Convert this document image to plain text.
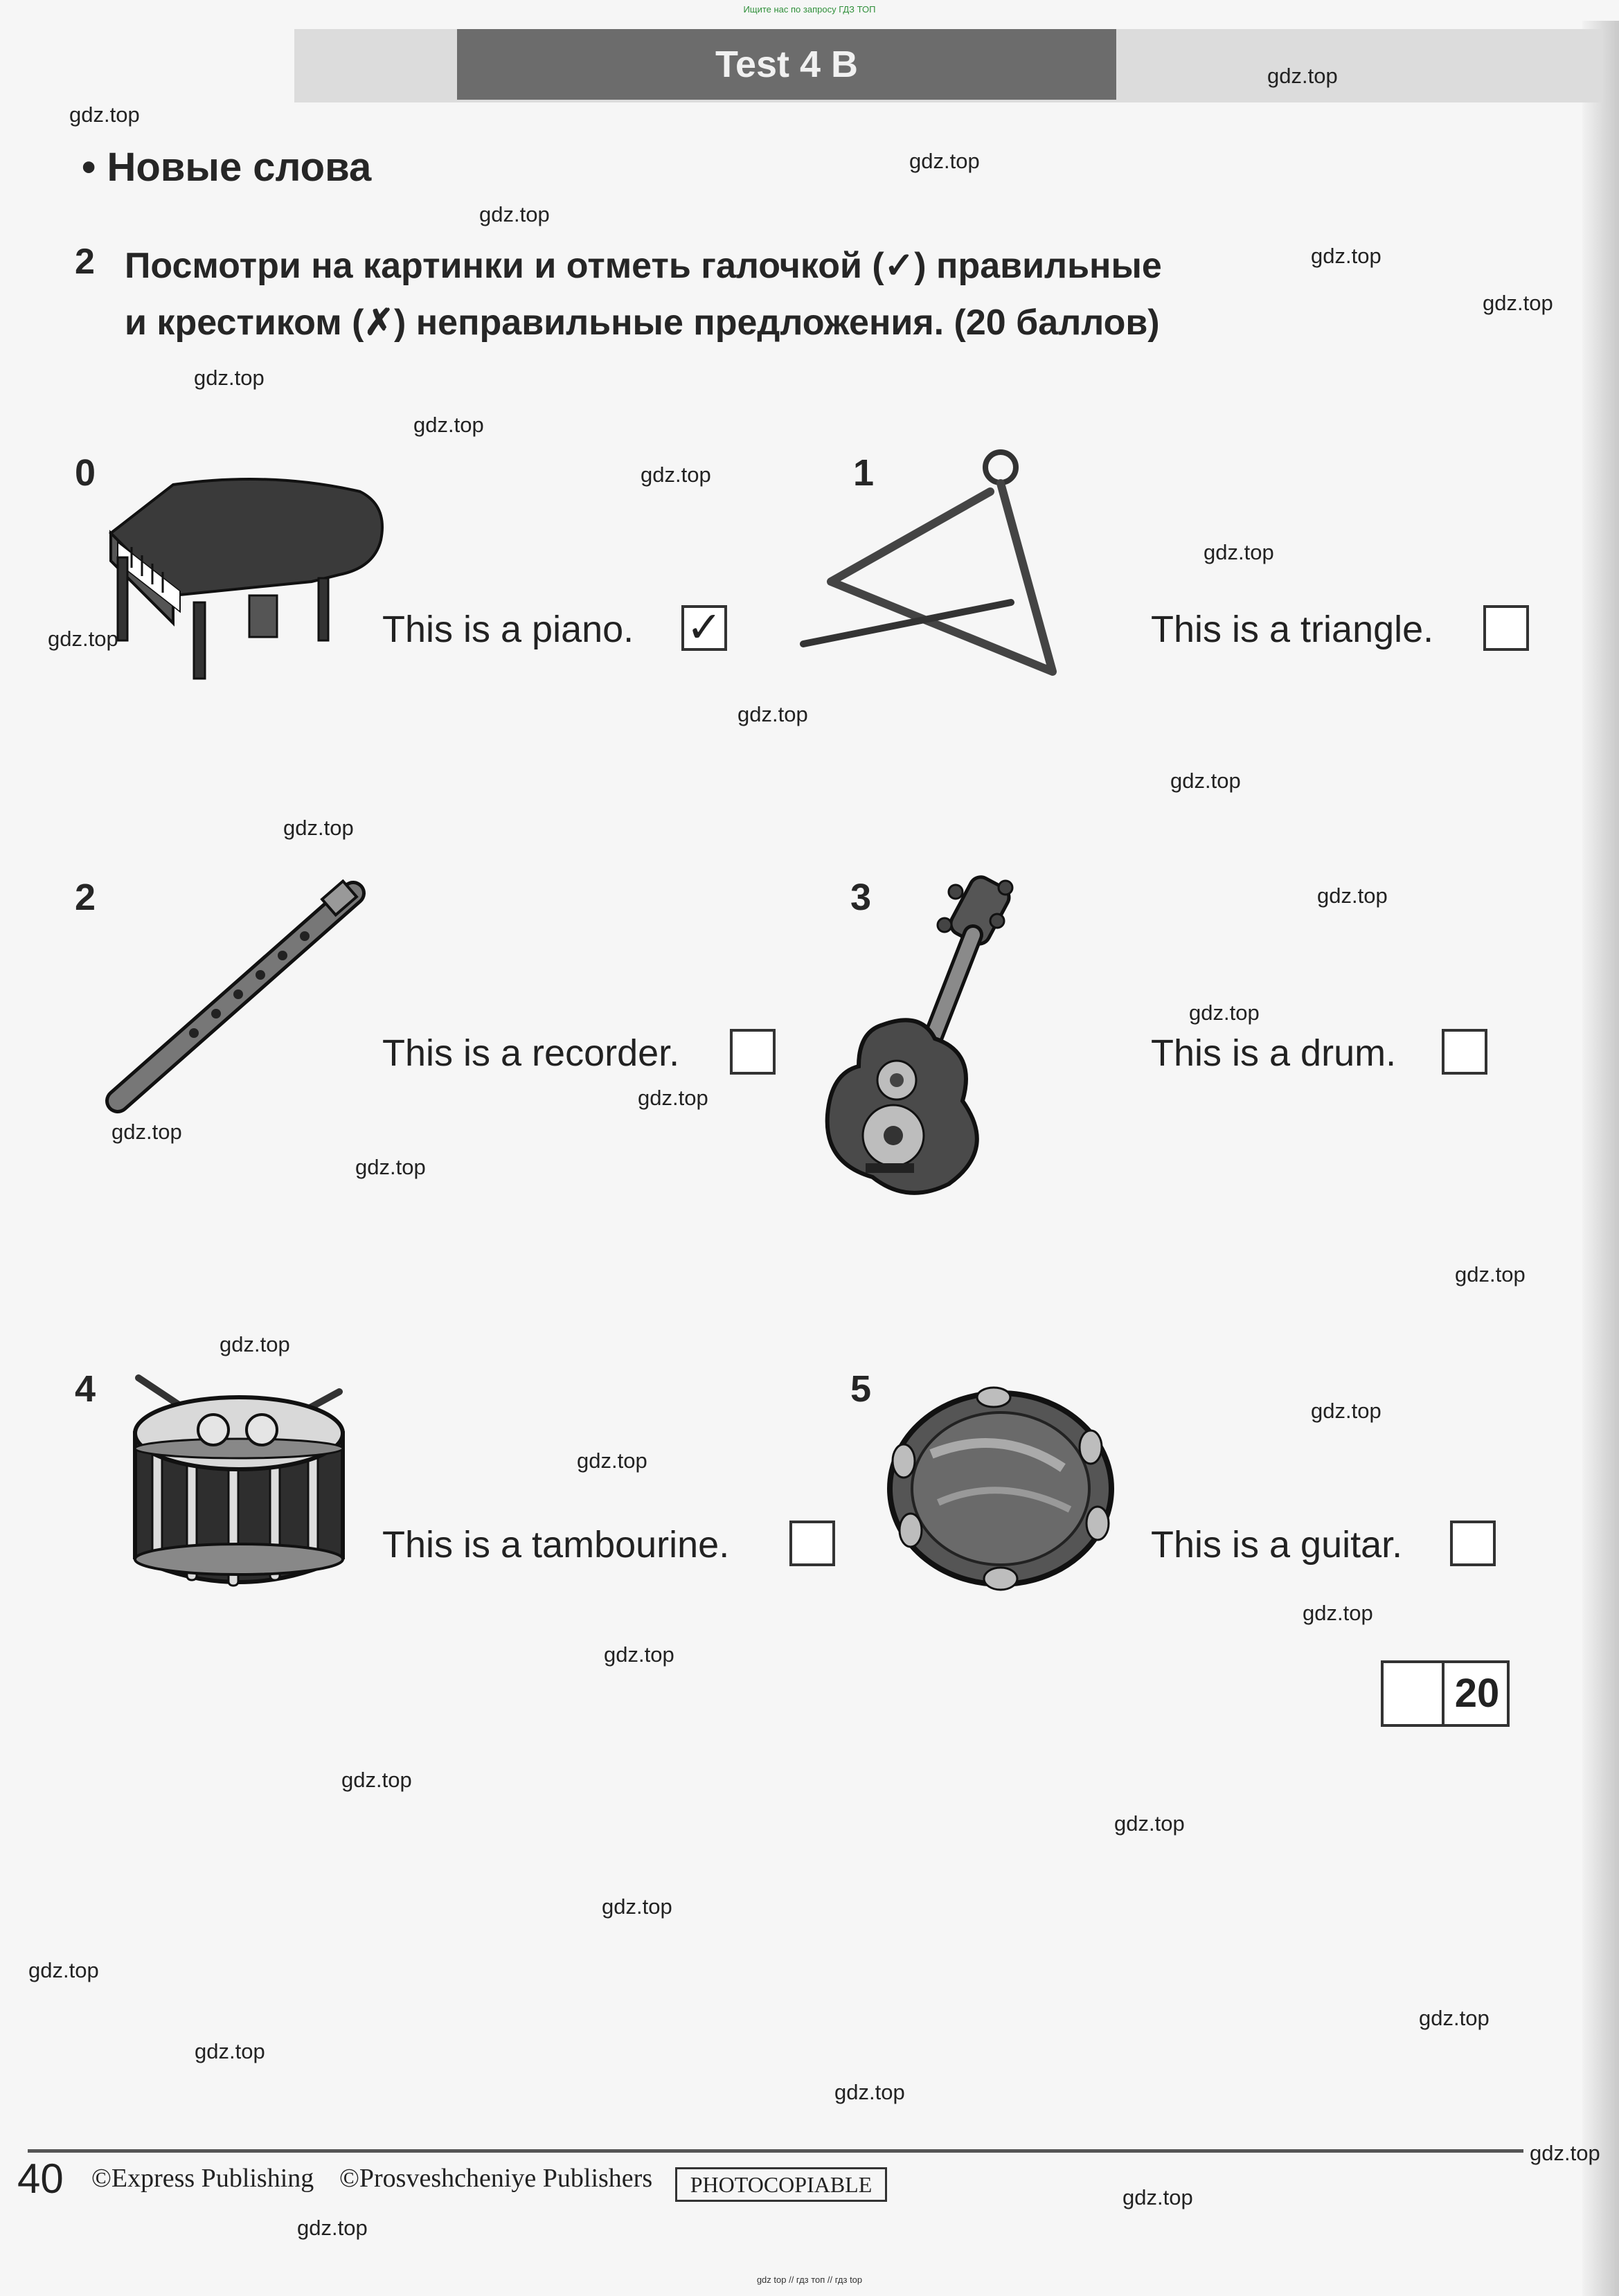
Ищите нас по запросу ГДЗ ТОП
Test 4 B
• Новые слова
2 Посмотри на картинки и отметь галочкой (✓) правильные
и крестиком (✗) неправильные предложения. (20 баллов)
0
This is a piano. ✓
1
This is a triangle.
2
This is a recorder.
3
This is a drum.
4
This is a tambourine.
5
This is a guitar.
20
40 ©Express Publishing ©Prosveshcheniye Publishers	PHOTOCOPIABLE
gdz top // гдз топ // гдз top
gdz.top
gdz.top
gdz.top
gdz.top
gdz.top
gdz.top
gdz.top
gdz.top
gdz.top
gdz.top
gdz.top
gdz.top
gdz.top
gdz.top
gdz.top
gdz.top
gdz.top
gdz.top
gdz.top
gdz.top
gdz.top
gdz.top
gdz.top
gdz.top
gdz.top
gdz.top
gdz.top
gdz.top
gdz.top
gdz.top
gdz.top
gdz.top
gdz.top
gdz.top
gdz.top
